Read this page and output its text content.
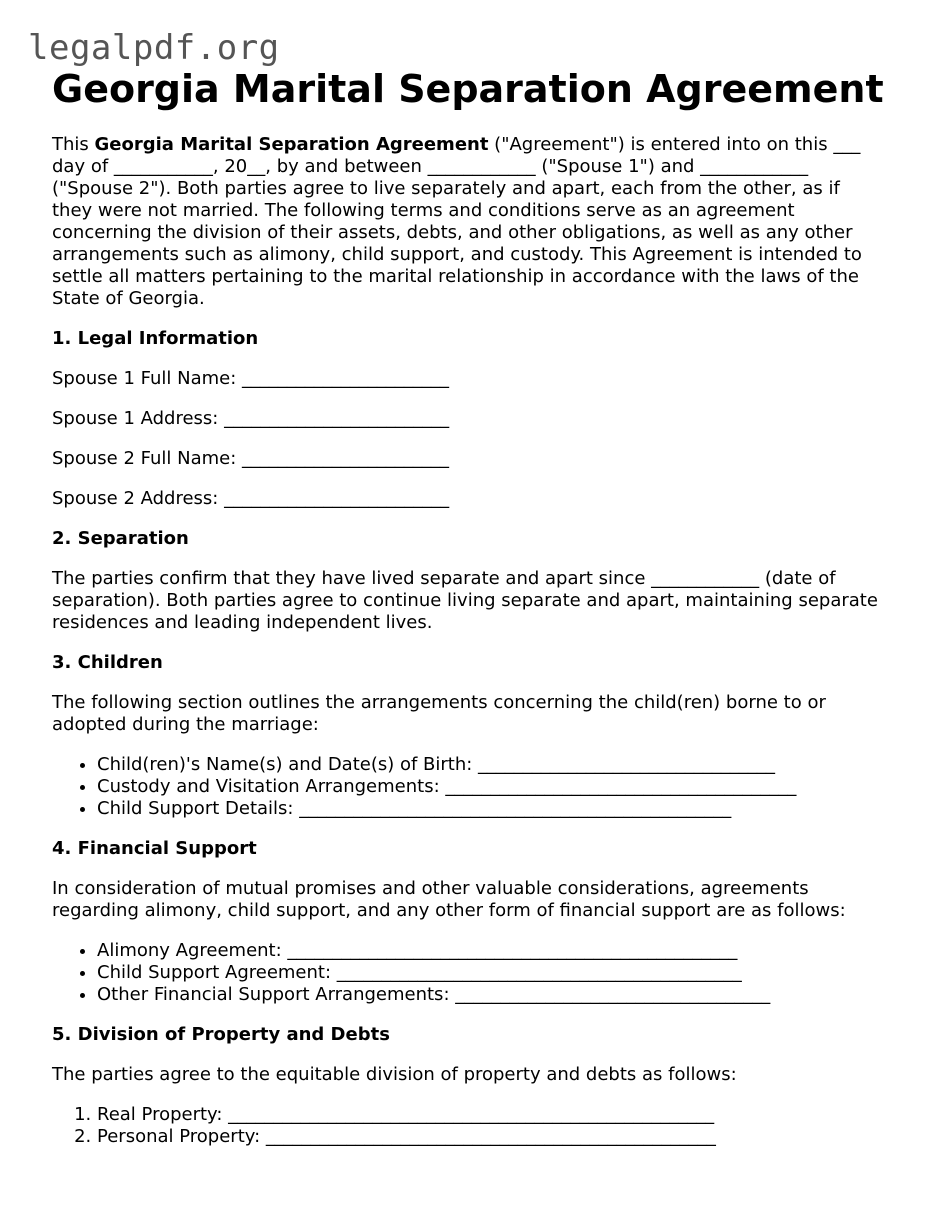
legalpdf.org
Georgia Marital Separation Agreement

This Georgia Marital Separation Agreement ("Agreement") is entered into on this ___ day of ___________, 20__, by and between ____________ ("Spouse 1") and ____________ ("Spouse 2"). Both parties agree to live separately and apart, each from the other, as if they were not married. The following terms and conditions serve as an agreement concerning the division of their assets, debts, and other obligations, as well as any other arrangements such as alimony, child support, and custody. This Agreement is intended to settle all matters pertaining to the marital relationship in accordance with the laws of the State of Georgia.

1. Legal Information

Spouse 1 Full Name: _______________________

Spouse 1 Address: _________________________

Spouse 2 Full Name: _______________________

Spouse 2 Address: _________________________

2. Separation

The parties confirm that they have lived separate and apart since ____________ (date of separation). Both parties agree to continue living separate and apart, maintaining separate residences and leading independent lives.

3. Children

The following section outlines the arrangements concerning the child(ren) borne to or adopted during the marriage:

• Child(ren)'s Name(s) and Date(s) of Birth: _________________________________
• Custody and Visitation Arrangements: _______________________________________
• Child Support Details: ________________________________________________
4. Financial Support

In consideration of mutual promises and other valuable considerations, agreements regarding alimony, child support, and any other form of financial support are as follows:

• Alimony Agreement: __________________________________________________
• Child Support Agreement: _____________________________________________
• Other Financial Support Arrangements: ___________________________________
5. Division of Property and Debts

The parties agree to the equitable division of property and debts as follows:

1. Real Property: ______________________________________________________
2. Personal Property: __________________________________________________
